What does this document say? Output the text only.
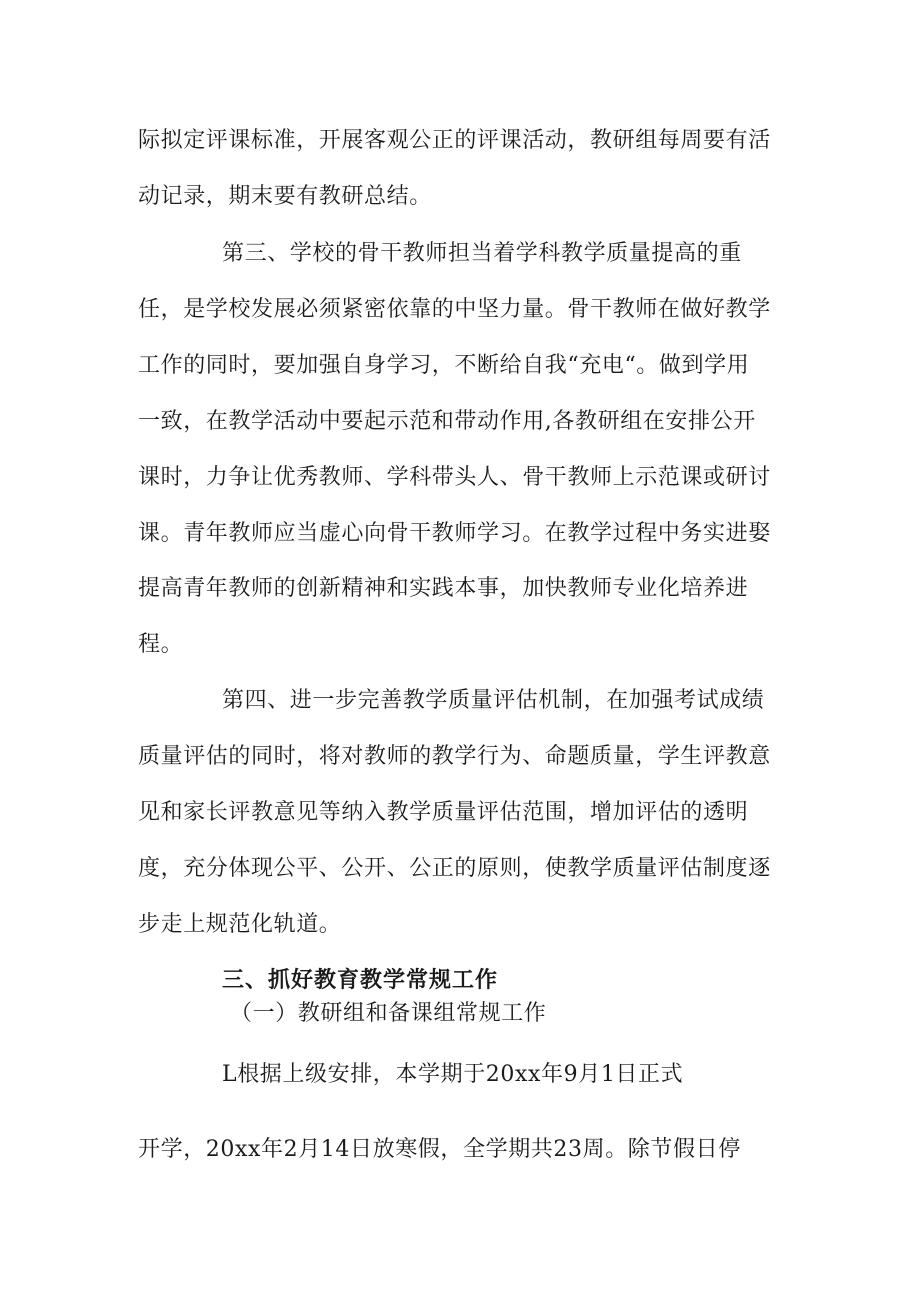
际拟定评课标准，开展客观公正的评课活动，教研组每周要有活
动记录，期末要有教研总结。
第三、学校的骨干教师担当着学科教学质量提高的重
任，是学校发展必须紧密依靠的中坚力量。骨干教师在做好教学
工作的同时，要加强自身学习，不断给自我“充电“。做到学用
一致，在教学活动中要起示范和带动作用,各教研组在安排公开
课时，力争让优秀教师、学科带头人、骨干教师上示范课或研讨
课。青年教师应当虚心向骨干教师学习。在教学过程中务实进娶
提高青年教师的创新精神和实践本事，加快教师专业化培养进
程。
第四、进一步完善教学质量评估机制，在加强考试成绩
质量评估的同时，将对教师的教学行为、命题质量，学生评教意
见和家长评教意见等纳入教学质量评估范围，增加评估的透明
度，充分体现公平、公开、公正的原则，使教学质量评估制度逐
步走上规范化轨道。
三、抓好教育教学常规工作
（一）教研组和备课组常规工作
L根据上级安排，本学期于20xx年9月1日正式
开学，20xx年2月14日放寒假，全学期共23周。除节假日停
